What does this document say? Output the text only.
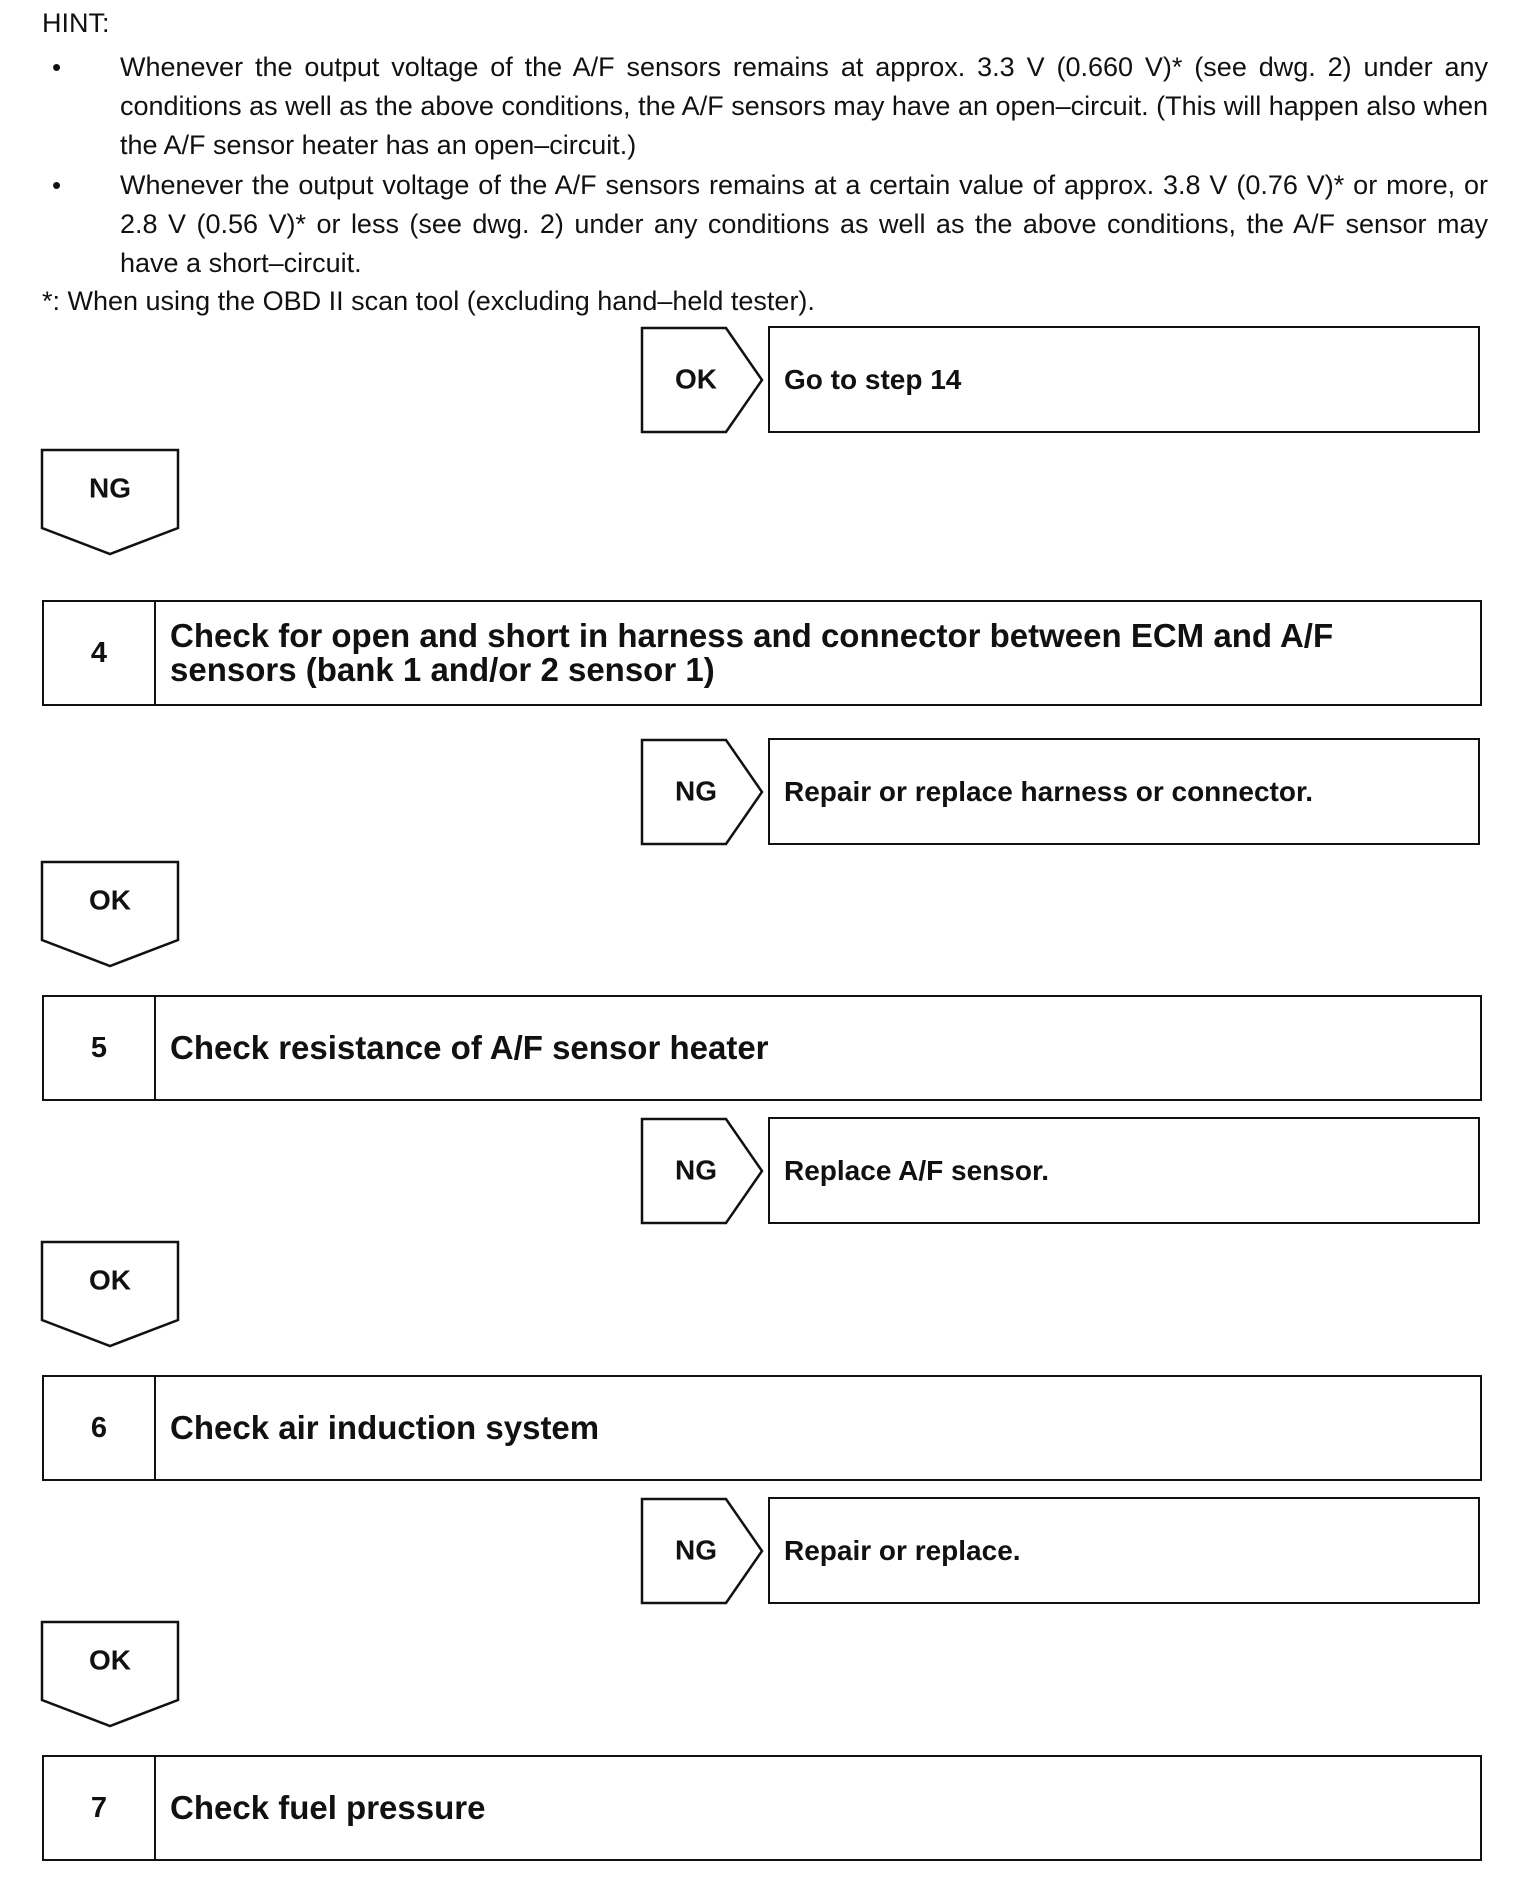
HINT:
• Whenever the output voltage of the A/F sensors remains at approx. 3.3 V (0.660 V)* (see dwg. 2) under any conditions as well as the above conditions, the A/F sensors may have an open–circuit. (This will happen also when the A/F sensor heater has an open–circuit.)
• Whenever the output voltage of the A/F sensors remains at a certain value of approx. 3.8 V (0.76 V)* or more, or 2.8 V (0.56 V)* or less (see dwg. 2) under any conditions as well as the above conditions, the A/F sensor may have a short–circuit.
*: When using the OBD II scan tool (excluding hand–held tester).
OK Go to step 14
NG
4	Check for open and short in harness and connector between ECM and A/F sensors (bank 1 and/or 2 sensor 1)
NG Repair or replace harness or connector.
OK
5	Check resistance of A/F sensor heater
NG Replace A/F sensor.
OK
6	Check air induction system
NG Repair or replace.
OK
7	Check fuel pressure
